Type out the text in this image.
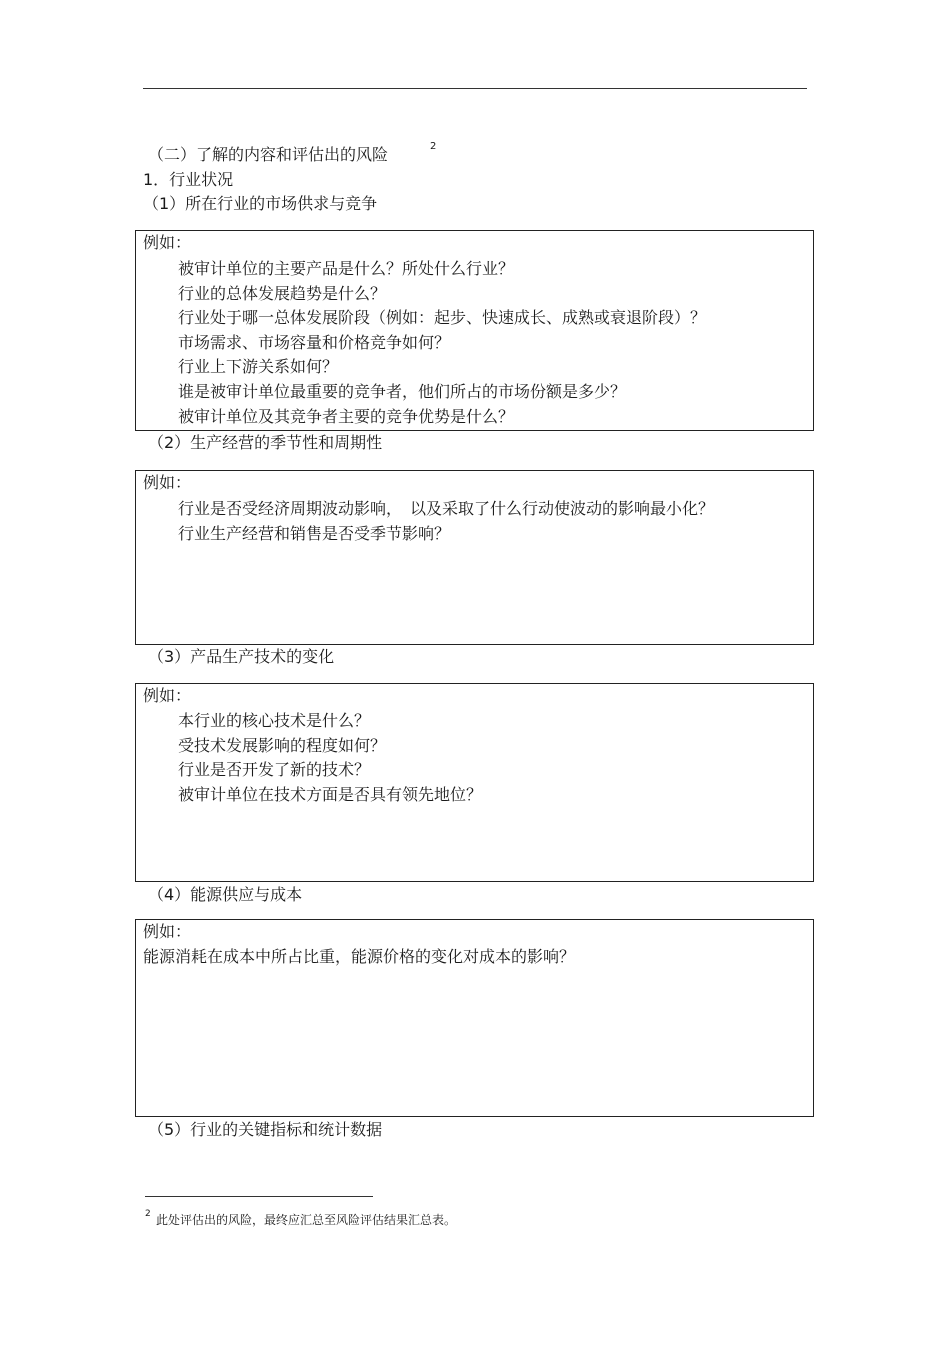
（二）了解的内容和评估出的风险	2
1．行业状况
（1）所在行业的市场供求与竞争
例如：
被审计单位的主要产品是什么？所处什么行业？
行业的总体发展趋势是什么？
行业处于哪一总体发展阶段（例如：起步、快速成长、成熟或衰退阶段）？
市场需求、市场容量和价格竞争如何？
行业上下游关系如何？
谁是被审计单位最重要的竞争者，他们所占的市场份额是多少？
被审计单位及其竞争者主要的竞争优势是什么？
（2）生产经营的季节性和周期性
例如：
行业是否受经济周期波动影响，　以及采取了什么行动使波动的影响最小化？
行业生产经营和销售是否受季节影响？
（3）产品生产技术的变化
例如：
本行业的核心技术是什么？
受技术发展影响的程度如何？
行业是否开发了新的技术？
被审计单位在技术方面是否具有领先地位？
（4）能源供应与成本
例如：
能源消耗在成本中所占比重，能源价格的变化对成本的影响？
（5）行业的关键指标和统计数据
2 此处评估出的风险，最终应汇总至风险评估结果汇总表。
